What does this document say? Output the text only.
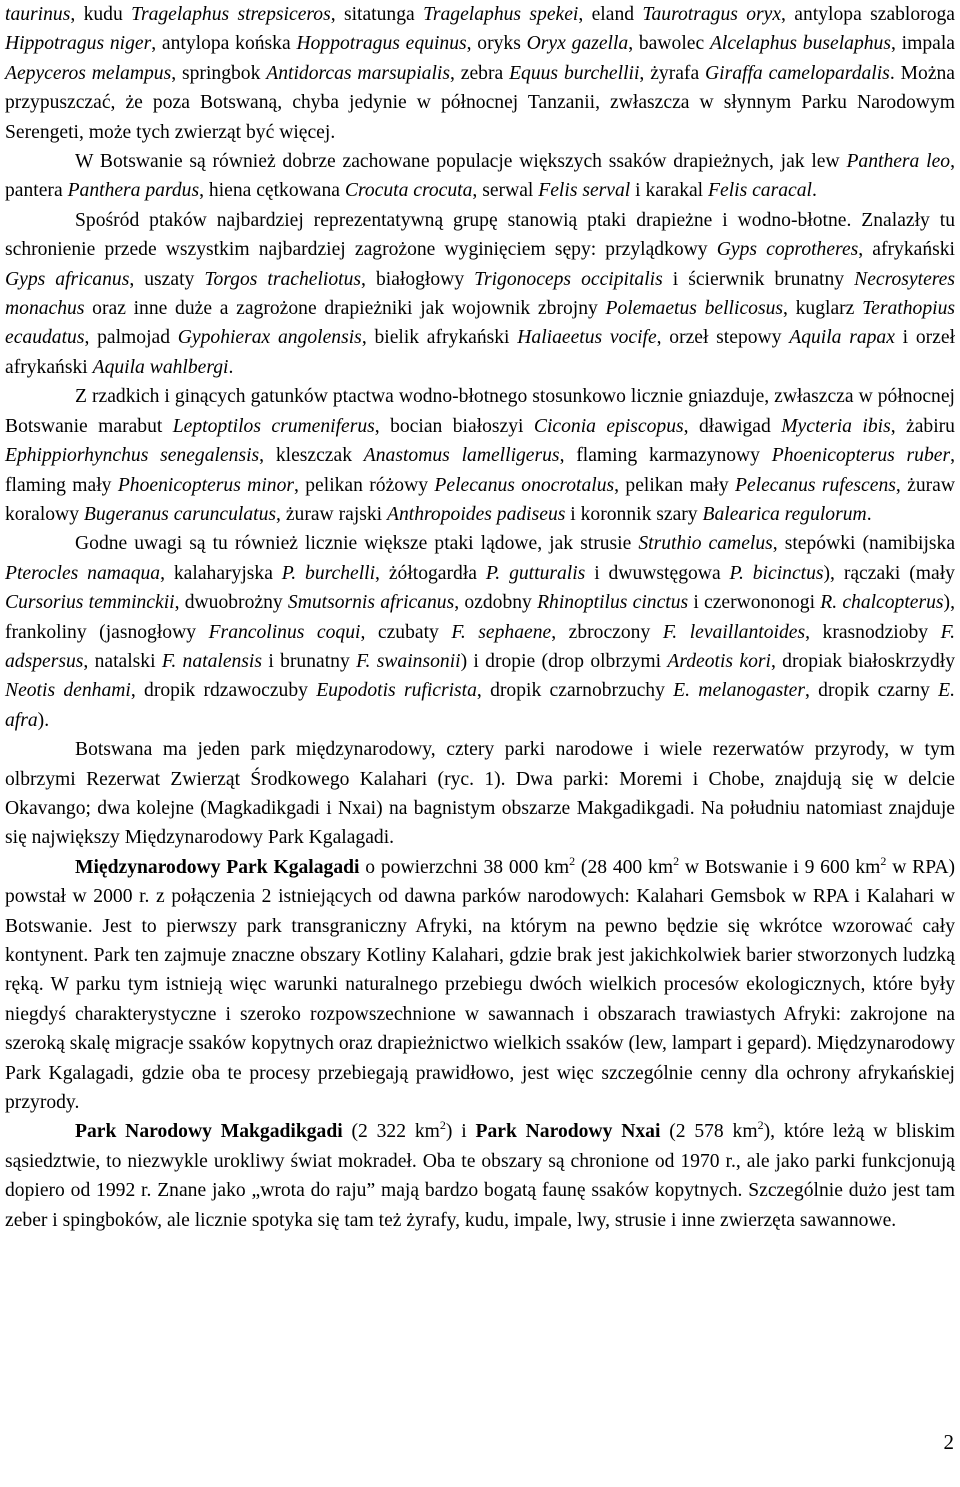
taurinus, kudu Tragelaphus strepsiceros, sitatunga Tragelaphus spekei, eland Taurotragus oryx, antylopa szabloroga Hippotragus niger, antylopa końska Hoppotragus equinus, oryks Oryx gazella, bawolec Alcelaphus buselaphus, impala Aepyceros melampus, springbok Antidorcas marsupialis, zebra Equus burchellii, żyrafa Giraffa camelopardalis. Można przypuszczać, że poza Botswaną, chyba jedynie w północnej Tanzanii, zwłaszcza w słynnym Parku Narodowym Serengeti, może tych zwierząt być więcej.

W Botswanie są również dobrze zachowane populacje większych ssaków drapieżnych, jak lew Panthera leo, pantera Panthera pardus, hiena cętkowana Crocuta crocuta, serwal Felis serval i karakal Felis caracal.

Spośród ptaków najbardziej reprezentatywną grupę stanowią ptaki drapieżne i wodno-błotne. Znalazły tu schronienie przede wszystkim najbardziej zagrożone wyginięciem sępy: przylądkowy Gyps coprotheres, afrykański Gyps africanus, uszaty Torgos tracheliotus, białogłowy Trigonoceps occipitalis i ścierwnik brunatny Necrosyteres monachus oraz inne duże a zagrożone drapieżniki jak wojownik zbrojny Polemaetus bellicosus, kuglarz Terathopius ecaudatus, palmojad Gypohierax angolensis, bielik afrykański Haliaeetus vocife, orzeł stepowy Aquila rapax i orzeł afrykański Aquila wahlbergi.

Z rzadkich i ginących gatunków ptactwa wodno-błotnego stosunkowo licznie gniazduje, zwłaszcza w północnej Botswanie marabut Leptoptilos crumeniferus, bocian białoszyi Ciconia episcopus, dławigad Mycteria ibis, żabiru Ephippiorhynchus senegalensis, kleszczak Anastomus lamelligerus, flaming karmazynowy Phoenicopterus ruber, flaming mały Phoenicopterus minor, pelikan różowy Pelecanus onocrotalus, pelikan mały Pelecanus rufescens, żuraw koralowy Bugeranus carunculatus, żuraw rajski Anthropoides padiseus i koronnik szary Balearica regulorum.

Godne uwagi są tu również licznie większe ptaki lądowe, jak strusie Struthio camelus, stepówki (namibijska Pterocles namaqua, kalaharyjska P. burchelli, żółtogardła P. gutturalis i dwuwstęgowa P. bicinctus), rączaki (mały Cursorius temminckii, dwuobrożny Smutsornis africanus, ozdobny Rhinoptilus cinctus i czerwononogi R. chalcopterus), frankoliny (jasnogłowy Francolinus coqui, czubaty F. sephaene, zbroczony F. levaillantoides, krasnodzioby F. adspersus, natalski F. natalensis i brunatny F. swainsonii) i dropie (drop olbrzymi Ardeotis kori, dropiak białoskrzydły Neotis denhami, dropik rdzawoczuby Eupodotis ruficrista, dropik czarnobrzuchy E. melanogaster, dropik czarny E. afra).

Botswana ma jeden park międzynarodowy, cztery parki narodowe i wiele rezerwatów przyrody, w tym olbrzymi Rezerwat Zwierząt Środkowego Kalahari (ryc. 1). Dwa parki: Moremi i Chobe, znajdują się w delcie Okavango; dwa kolejne (Magkadikgadi i Nxai) na bagnistym obszarze Makgadikgadi. Na południu natomiast znajduje się największy Międzynarodowy Park Kgalagadi.

Międzynarodowy Park Kgalagadi o powierzchni 38 000 $km^2$ (28 400 $km^2$ w Botswanie i 9 600 $km^2$ w RPA) powstał w 2000 r. z połączenia 2 istniejących od dawna parków narodowych: Kalahari Gemsbok w RPA i Kalahari w Botswanie. Jest to pierwszy park transgraniczny Afryki, na którym na pewno będzie się wkrótce wzorować cały kontynent. Park ten zajmuje znaczne obszary Kotliny Kalahari, gdzie brak jest jakichkolwiek barier stworzonych ludzką ręką. W parku tym istnieją więc warunki naturalnego przebiegu dwóch wielkich procesów ekologicznych, które były niegdyś charakterystyczne i szeroko rozpowszechnione w sawannach i obszarach trawiastych Afryki: zakrojone na szeroką skalę migracje ssaków kopytnych oraz drapieżnictwo wielkich ssaków (lew, lampart i gepard). Międzynarodowy Park Kgalagadi, gdzie oba te procesy przebiegają prawidłowo, jest więc szczególnie cenny dla ochrony afrykańskiej przyrody.

Park Narodowy Makgadikgadi (2 322 $km^2$) i Park Narodowy Nxai (2 578 $km^2$), które leżą w bliskim sąsiedztwie, to niezwykle urokliwy świat mokradeł. Oba te obszary są chronione od 1970 r., ale jako parki funkcjonują dopiero od 1992 r. Znane jako „wrota do raju” mają bardzo bogatą faunę ssaków kopytnych. Szczególnie dużo jest tam zeber i spingboków, ale licznie spotyka się tam też żyrafy, kudu, impale, lwy, strusie i inne zwierzęta sawannowe.

2
